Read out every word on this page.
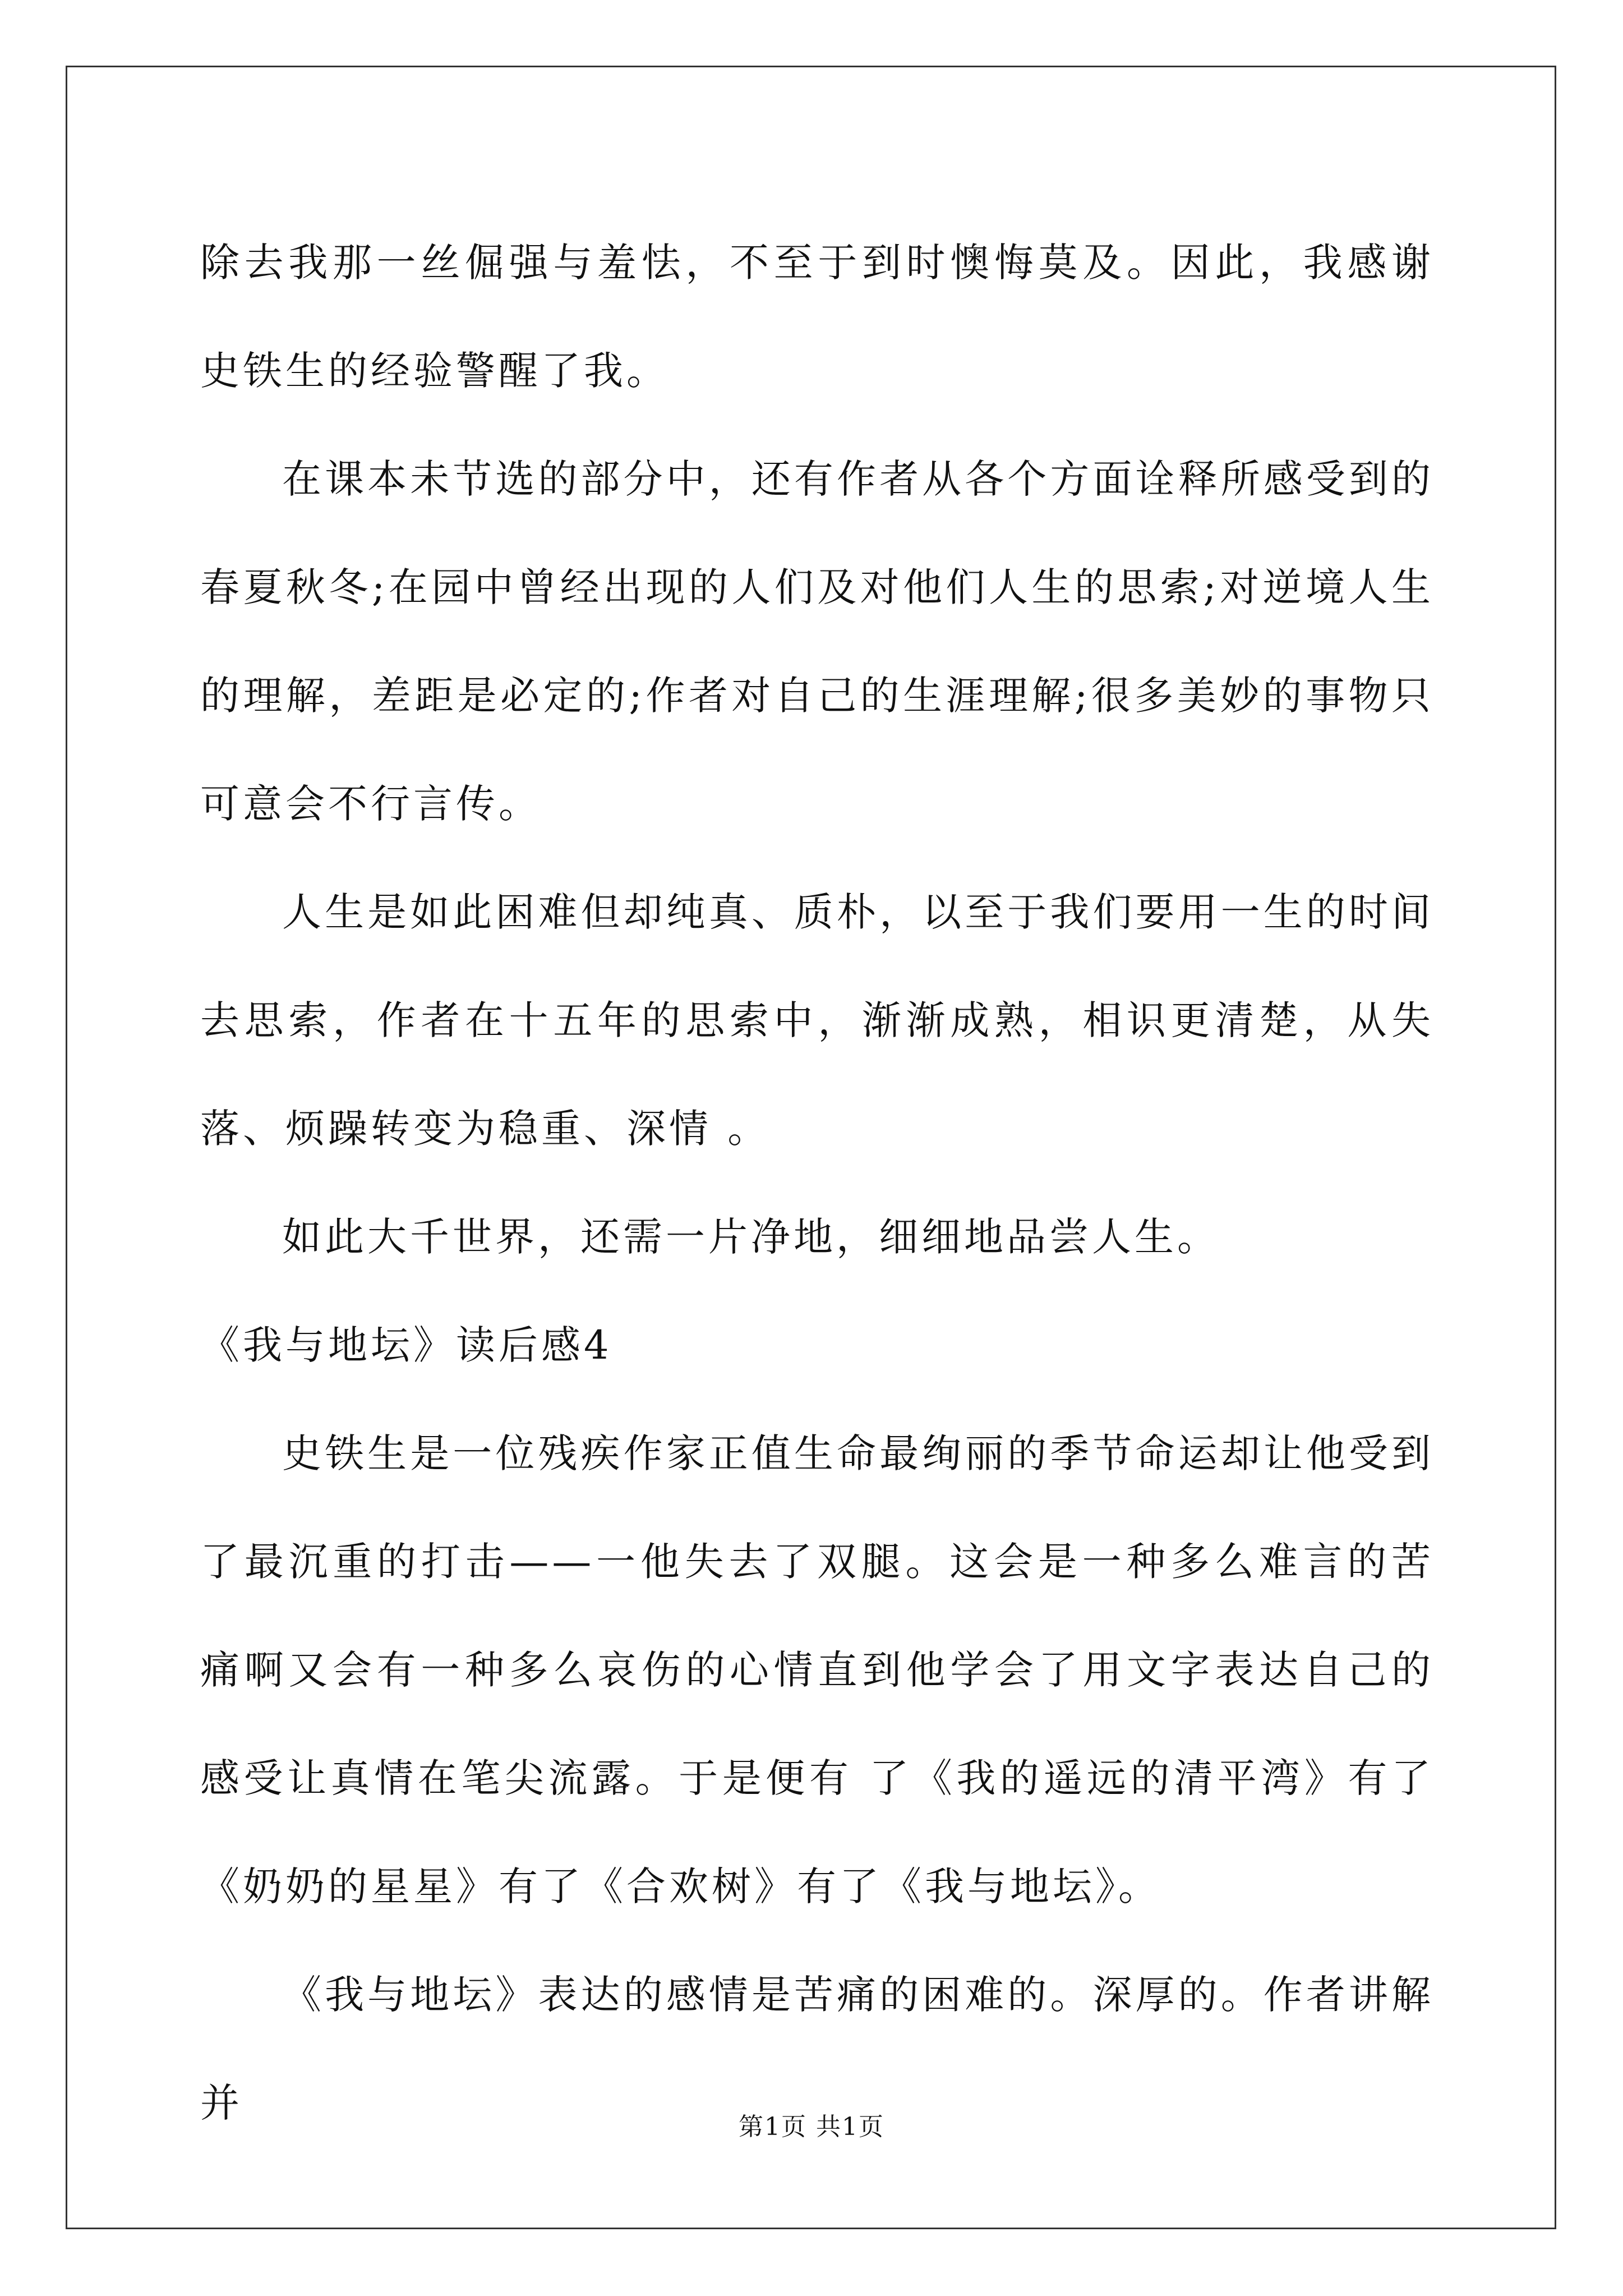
除去我那一丝倔强与羞怯，不至于到时懊悔莫及。因此，我感谢史铁生的经验警醒了我。

在课本未节选的部分中，还有作者从各个方面诠释所感受到的春夏秋冬;在园中曾经出现的人们及对他们人生的思索;对逆境人生的理解，差距是必定的;作者对自己的生涯理解;很多美妙的事物只可意会不行言传。

人生是如此困难但却纯真、质朴，以至于我们要用一生的时间去思索，作者在十五年的思索中，渐渐成熟，相识更清楚，从失落、烦躁转变为稳重、深情 。

如此大千世界，还需一片净地，细细地品尝人生。

《我与地坛》读后感4

史铁生是一位残疾作家正值生命最绚丽的季节命运却让他受到了最沉重的打击——一他失去了双腿。这会是一种多么难言的苦痛啊又会有一种多么哀伤的心情直到他学会了用文字表达自己的感受让真情在笔尖流露。于是便有 了《我的遥远的清平湾》有了《奶奶的星星》有了《合欢树》有了《我与地坛》。

《我与地坛》表达的感情是苦痛的困难的。深厚的。作者讲解并

第1页 共1页
